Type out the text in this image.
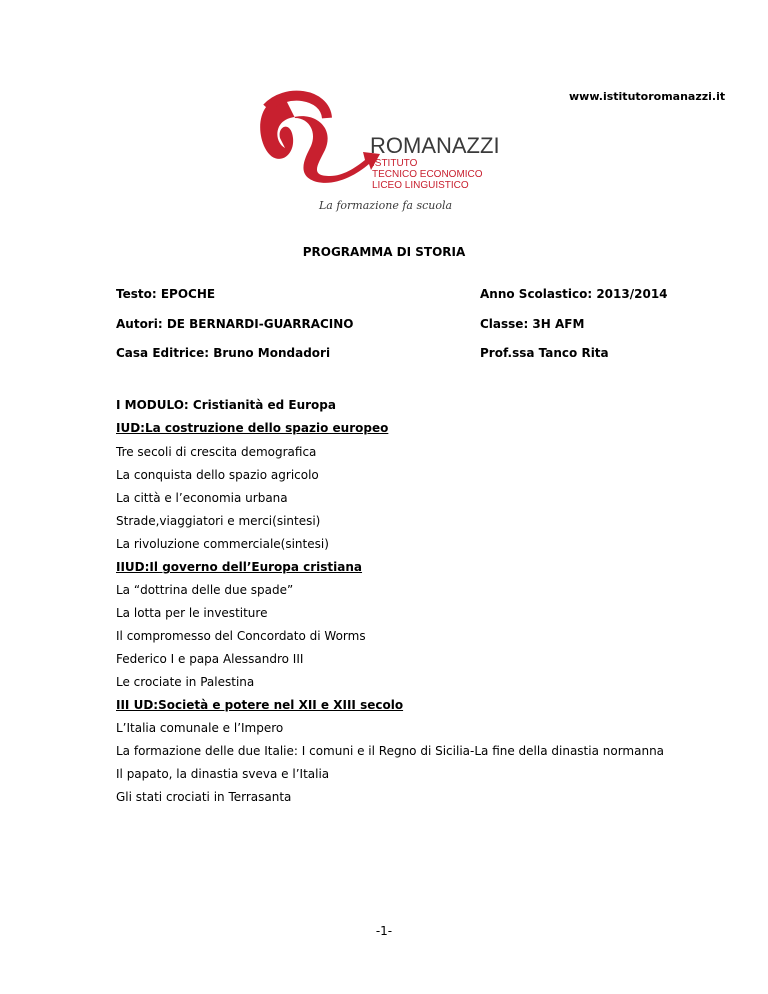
www.istitutoromanazzi.it
ROMANAZZI
ISTITUTO
TECNICO ECONOMICO
LICEO LINGUISTICO
La formazione fa scuola
PROGRAMMA DI STORIA
Testo: EPOCHE	Anno Scolastico: 2013/2014
Autori: DE BERNARDI-GUARRACINO	Classe: 3H AFM
Casa Editrice: Bruno Mondadori	Prof.ssa Tanco Rita
I MODULO: Cristianità ed Europa
IUD:La costruzione dello spazio europeo
Tre secoli di crescita demografica
La conquista dello spazio agricolo
La città e l’economia urbana
Strade,viaggiatori e merci(sintesi)
La rivoluzione commerciale(sintesi)
IIUD:Il governo dell’Europa cristiana
La “dottrina delle due spade”
La lotta per le investiture
Il compromesso del Concordato di Worms
Federico I e papa Alessandro III
Le crociate in Palestina
III UD:Società e potere nel XII e XIII secolo
L’Italia comunale e l’Impero
La formazione delle due Italie: I comuni e il Regno di Sicilia-La fine della dinastia normanna
Il papato, la dinastia sveva e l’Italia
Gli stati crociati in Terrasanta
-1-
